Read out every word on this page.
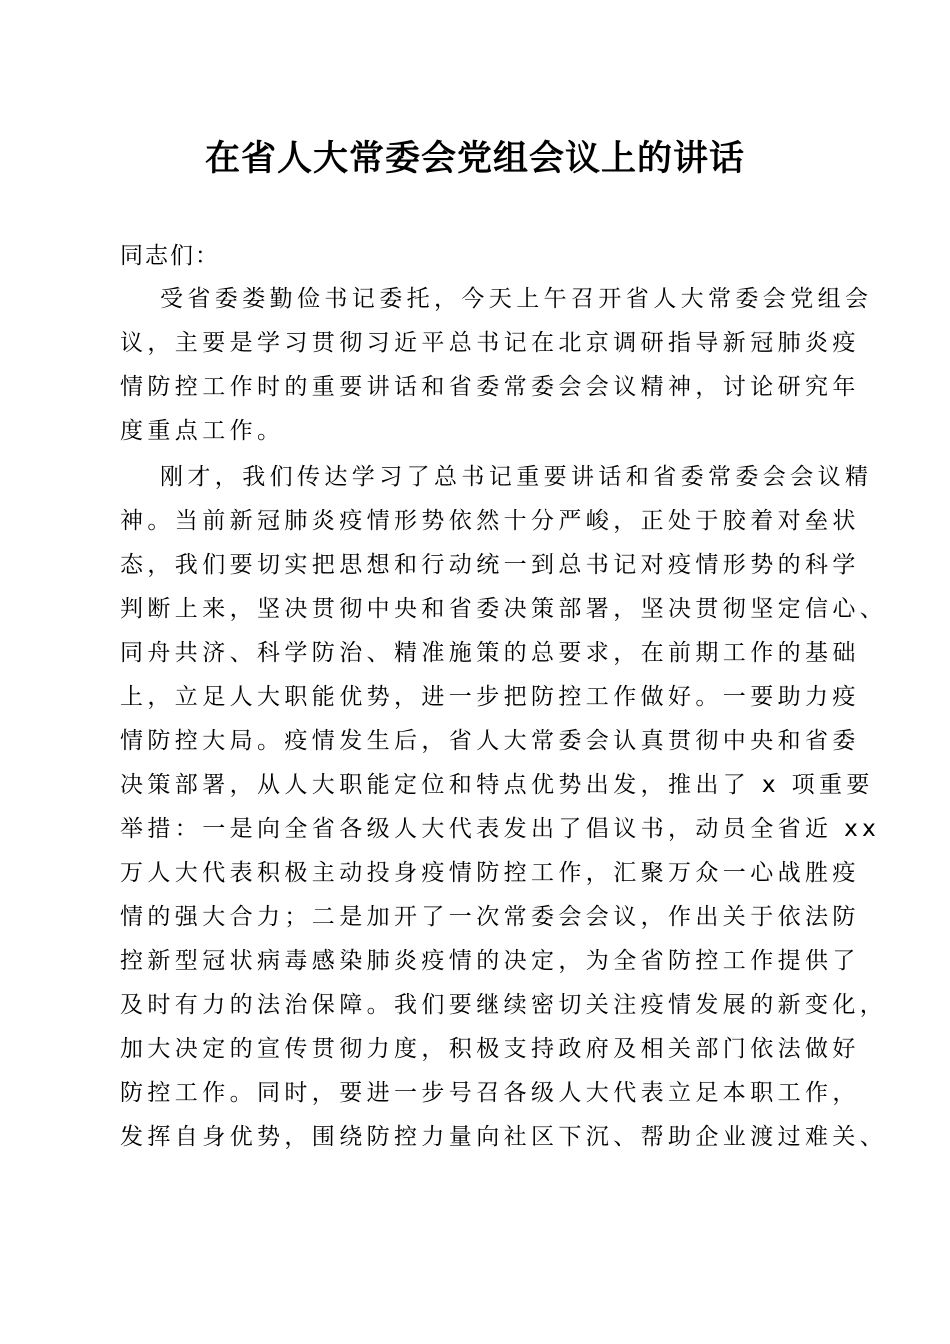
在省人大常委会党组会议上的讲话
同志们：
受省委娄勤俭书记委托，今天上午召开省人大常委会党组会
议，主要是学习贯彻习近平总书记在北京调研指导新冠肺炎疫
情防控工作时的重要讲话和省委常委会会议精神，讨论研究年
度重点工作。
刚才，我们传达学习了总书记重要讲话和省委常委会会议精
神。当前新冠肺炎疫情形势依然十分严峻，正处于胶着对垒状
态，我们要切实把思想和行动统一到总书记对疫情形势的科学
判断上来，坚决贯彻中央和省委决策部署，坚决贯彻坚定信心、
同舟共济、科学防治、精准施策的总要求，在前期工作的基础
上，立足人大职能优势，进一步把防控工作做好。一要助力疫
情防控大局。疫情发生后，省人大常委会认真贯彻中央和省委
决策部署，从人大职能定位和特点优势出发，推出了 x 项重要
举措：一是向全省各级人大代表发出了倡议书，动员全省近 xx
万人大代表积极主动投身疫情防控工作，汇聚万众一心战胜疫
情的强大合力；二是加开了一次常委会会议，作出关于依法防
控新型冠状病毒感染肺炎疫情的决定，为全省防控工作提供了
及时有力的法治保障。我们要继续密切关注疫情发展的新变化，
加大决定的宣传贯彻力度，积极支持政府及相关部门依法做好
防控工作。同时，要进一步号召各级人大代表立足本职工作，
发挥自身优势，围绕防控力量向社区下沉、帮助企业渡过难关、
